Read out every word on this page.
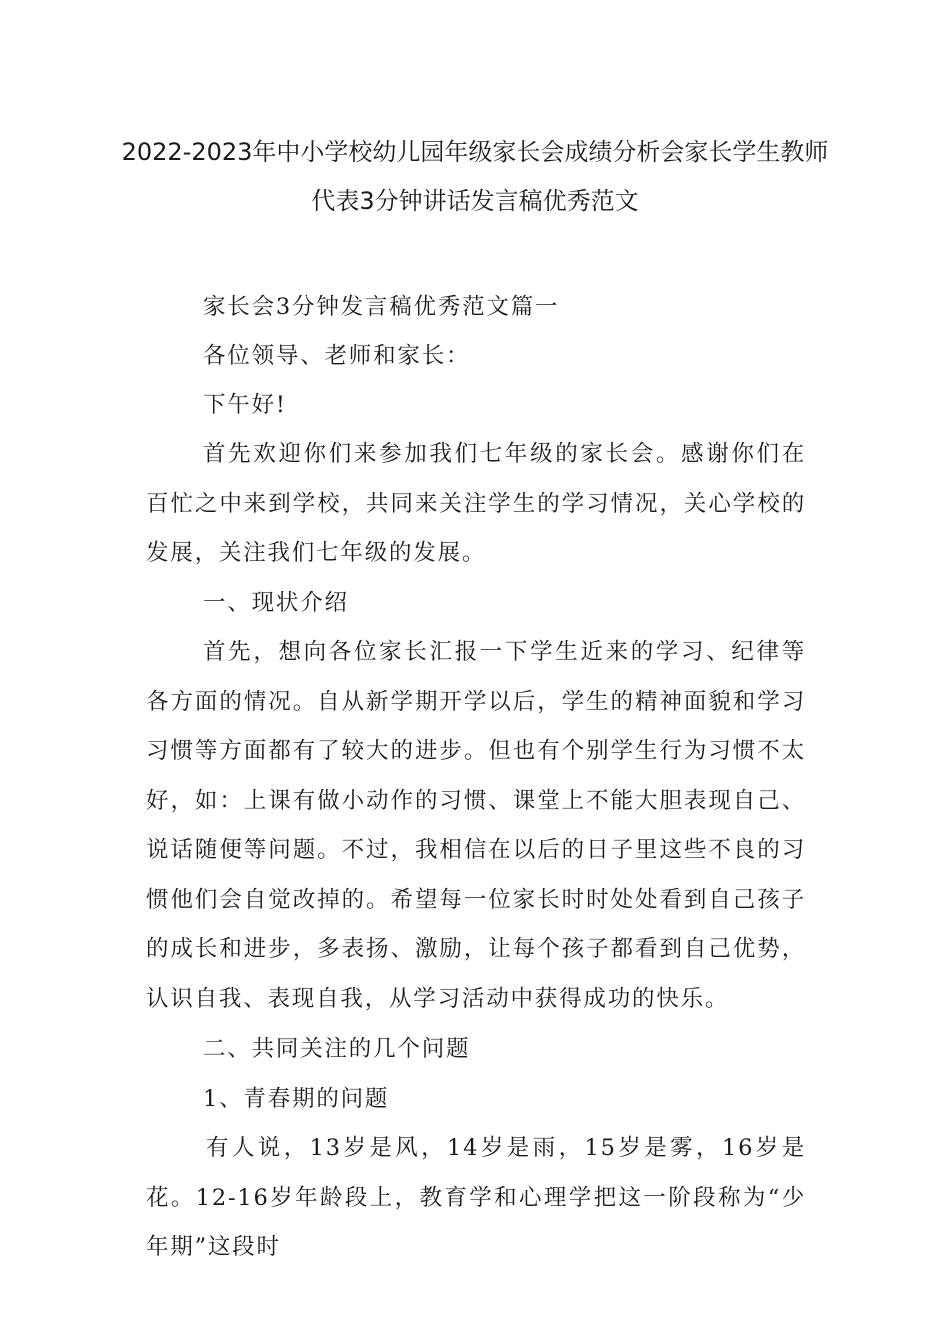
2022-2023年中小学校幼儿园年级家长会成绩分析会家长学生教师
代表3分钟讲话发言稿优秀范文

家长会3分钟发言稿优秀范文篇一

各位领导、老师和家长：

下午好!

首先欢迎你们来参加我们七年级的家长会。感谢你们在百忙之中来到学校，共同来关注学生的学习情况，关心学校的发展，关注我们七年级的发展。

一、现状介绍

首先，想向各位家长汇报一下学生近来的学习、纪律等各方面的情况。自从新学期开学以后，学生的精神面貌和学习习惯等方面都有了较大的进步。但也有个别学生行为习惯不太好，如：上课有做小动作的习惯、课堂上不能大胆表现自己、说话随便等问题。不过，我相信在以后的日子里这些不良的习惯他们会自觉改掉的。希望每一位家长时时处处看到自己孩子的成长和进步，多表扬、激励，让每个孩子都看到自己优势，认识自我、表现自我，从学习活动中获得成功的快乐。

二、共同关注的几个问题

1、青春期的问题

有人说，13岁是风，14岁是雨，15岁是雾，16岁是花。12-16岁年龄段上，教育学和心理学把这一阶段称为“少年期”这段时
